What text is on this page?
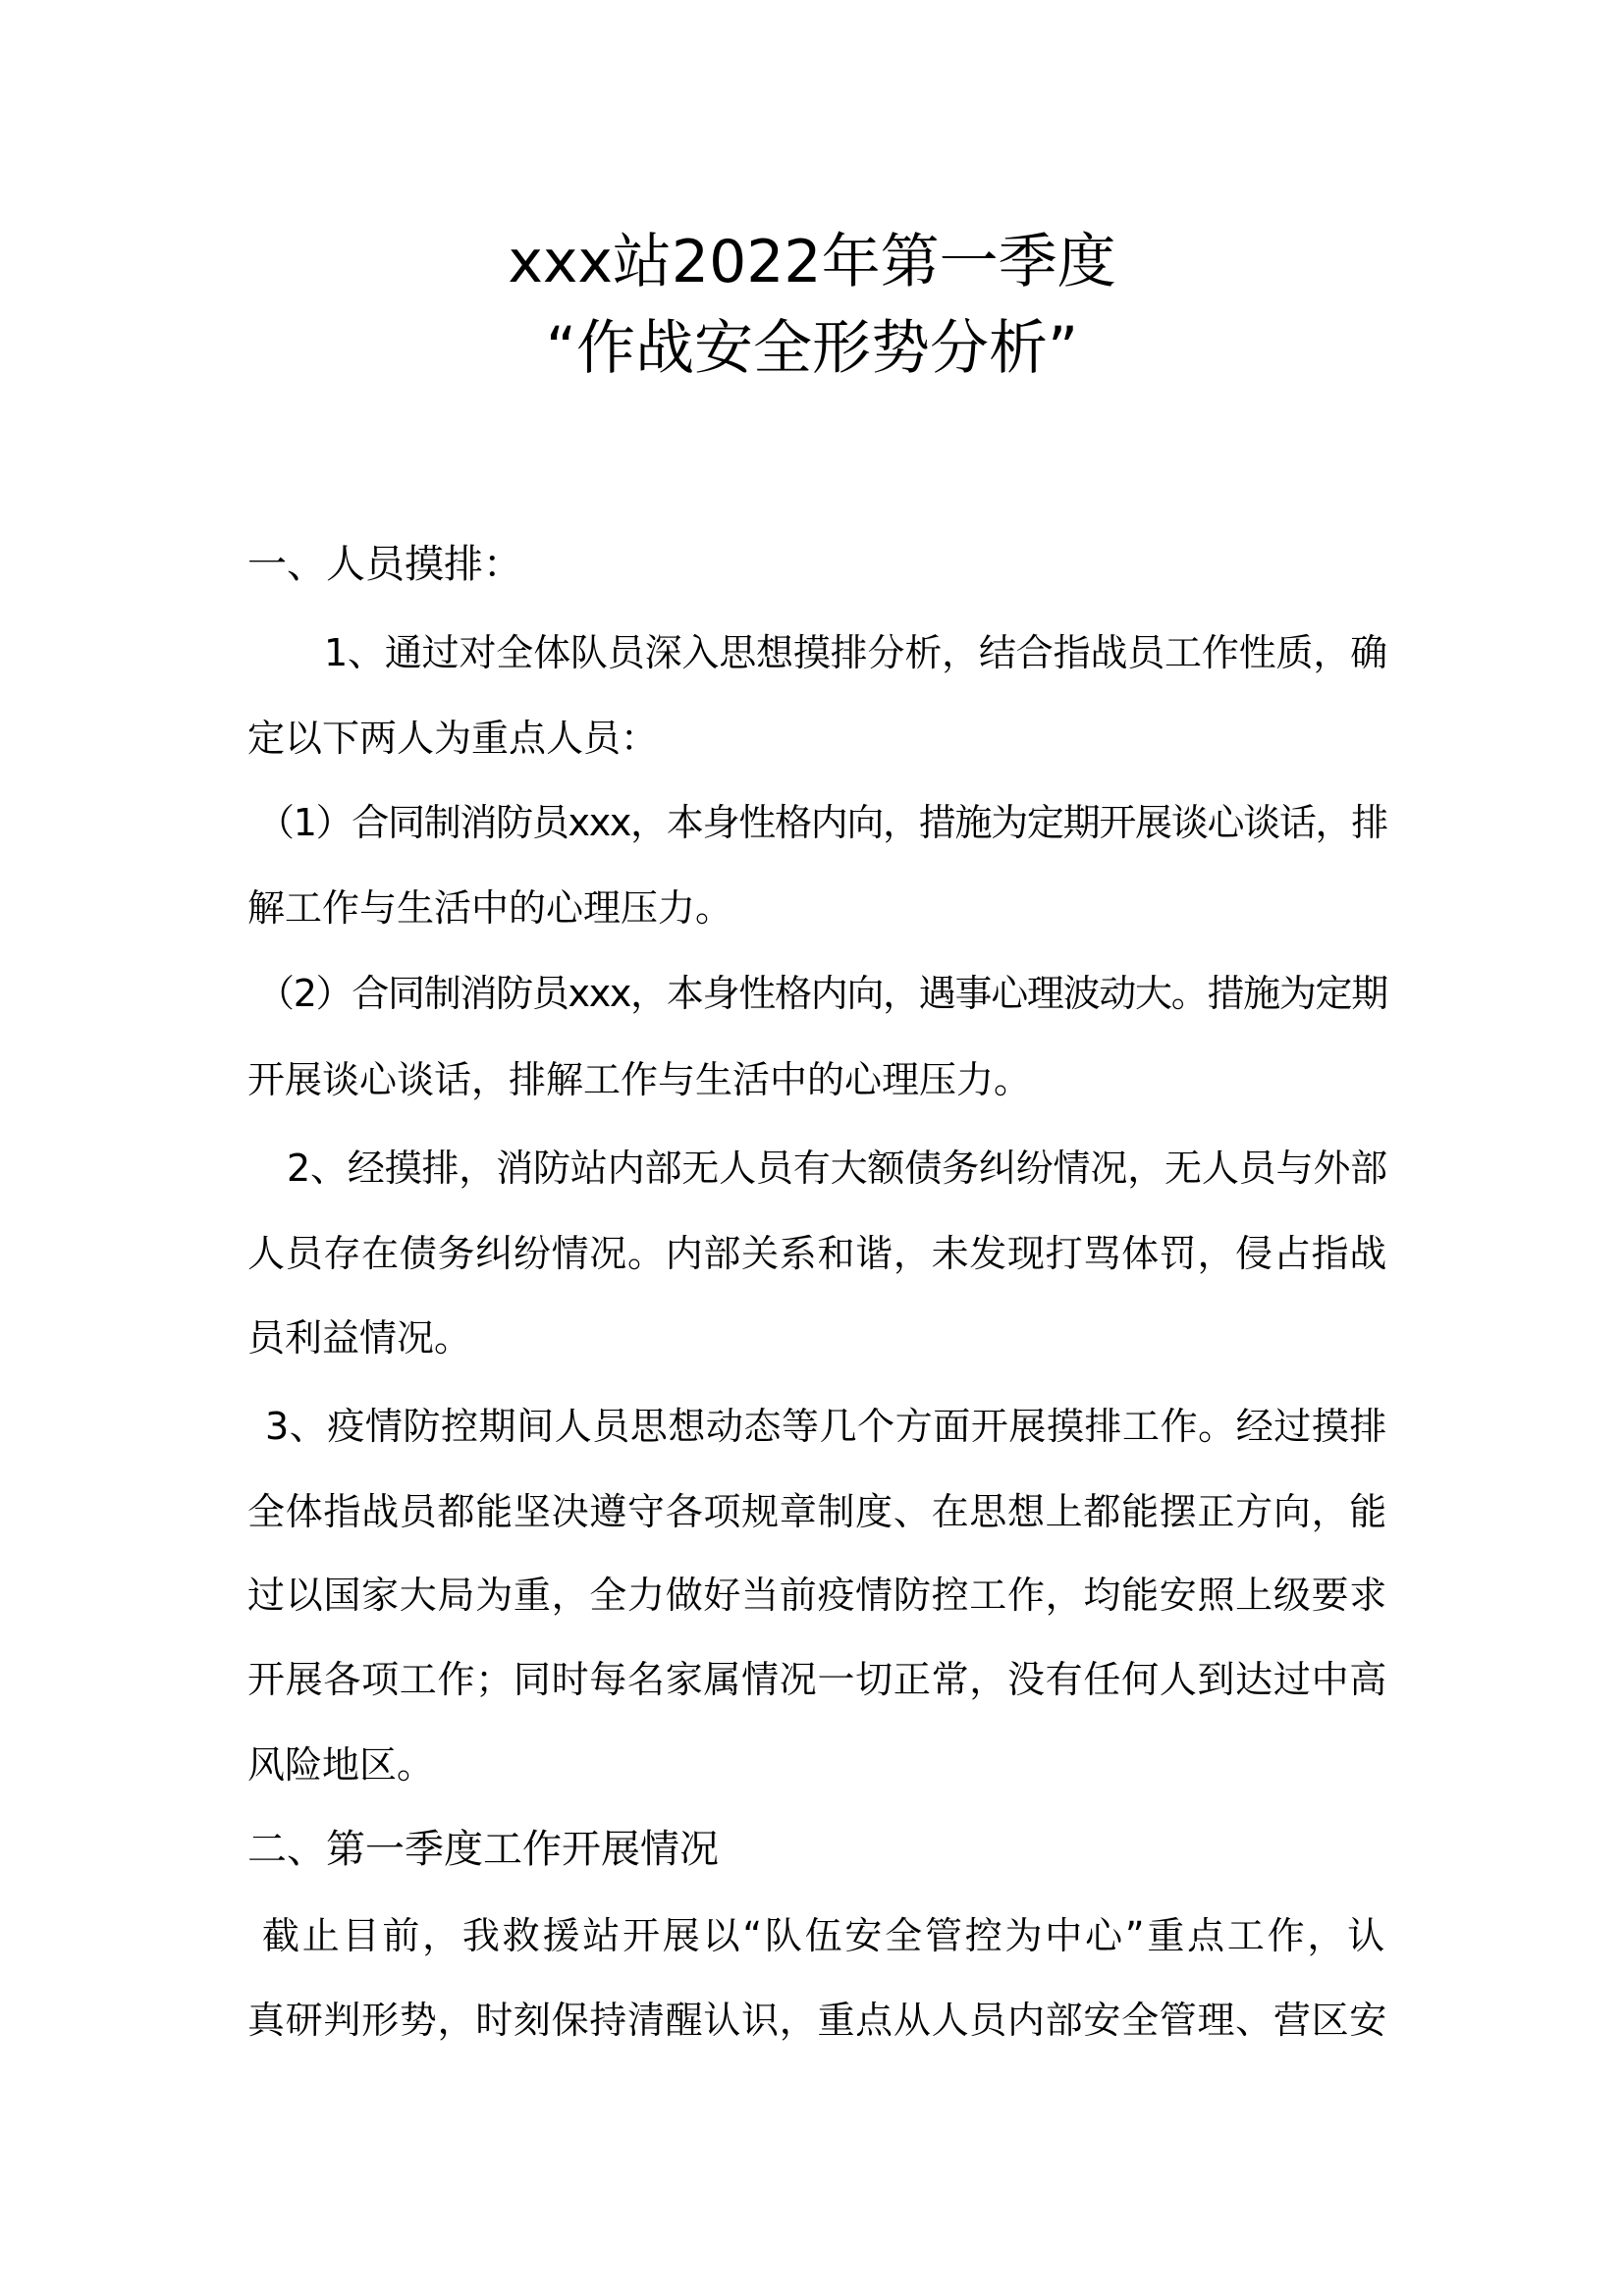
xxx站2022年第一季度
“作战安全形势分析”
一、人员摸排：
1、通过对全体队员深入思想摸排分析，结合指战员工作性质，确
定以下两人为重点人员：
（1）合同制消防员xxx，本身性格内向，措施为定期开展谈心谈话，排
解工作与生活中的心理压力。
（2）合同制消防员xxx，本身性格内向，遇事心理波动大。措施为定期
开展谈心谈话，排解工作与生活中的心理压力。
2、经摸排，消防站内部无人员有大额债务纠纷情况，无人员与外部
人员存在债务纠纷情况。内部关系和谐，未发现打骂体罚，侵占指战
员利益情况。
3、疫情防控期间人员思想动态等几个方面开展摸排工作。经过摸排
全体指战员都能坚决遵守各项规章制度、在思想上都能摆正方向，能
过以国家大局为重，全力做好当前疫情防控工作，均能安照上级要求
开展各项工作；同时每名家属情况一切正常，没有任何人到达过中高
风险地区。
二、第一季度工作开展情况
截止目前，我救援站开展以“队伍安全管控为中心”重点工作，认
真研判形势，时刻保持清醒认识，重点从人员内部安全管理、营区安
